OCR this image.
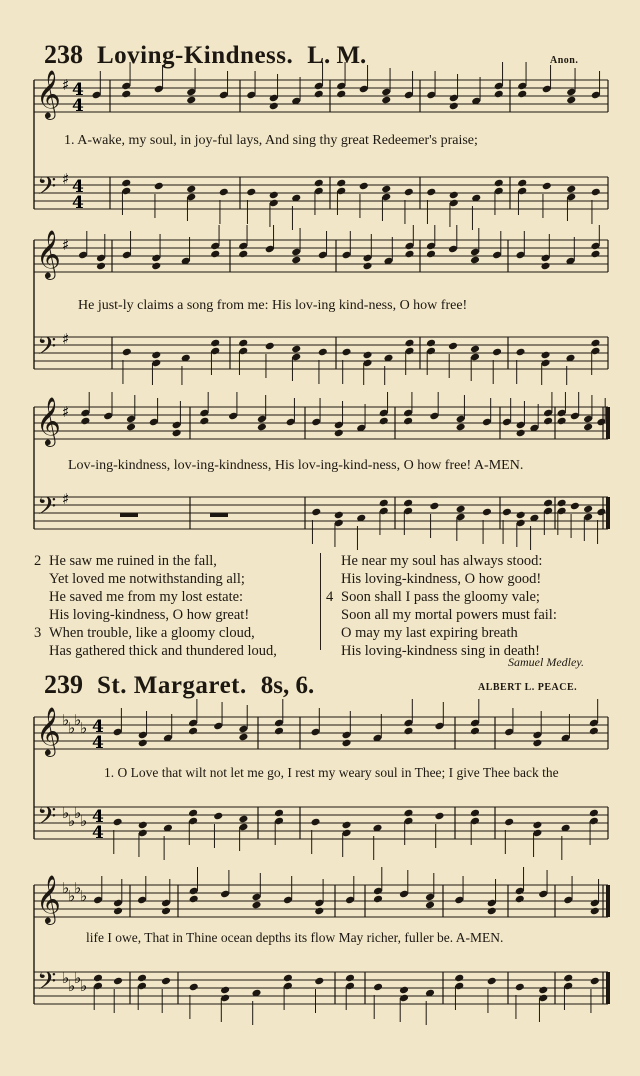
238 Loving-Kindness. L. M.	Anon.
𝄞
𝄢
♯
♯
4
4
4
4
1. A-wake, my soul, in joy-ful lays, And sing thy great Redeemer's praise;
𝄞
𝄢
♯
♯
He just-ly claims a song from me: His lov-ing kind-ness, O how free!
𝄞
𝄢
♯
♯
Lov-ing-kindness, lov-ing-kindness, His lov-ing-kind-ness, O how free! A-MEN.
2 He saw me ruined in the fall,
Yet loved me notwithstanding all;
He saved me from my lost estate:
His loving-kindness, O how great!
3 When trouble, like a gloomy cloud,
Has gathered thick and thundered loud,
He near my soul has always stood:
His loving-kindness, O how good!
4 Soon shall I pass the gloomy vale;
Soon all my mortal powers must fail:
O may my last expiring breath
His loving-kindness sing in death!
Samuel Medley.
239 St. Margaret. 8s, 6.	ALBERT L. PEACE.
𝄞
𝄢
♭
♭
♭
♭
♭
♭
♭
♭
4
4
4
4
1. O Love that wilt not let me go, I rest my weary soul in Thee; I give Thee back the
𝄞
𝄢
♭
♭
♭
♭
♭
♭
♭
♭
life I owe, That in Thine ocean depths its flow May richer, fuller be. A-MEN.
